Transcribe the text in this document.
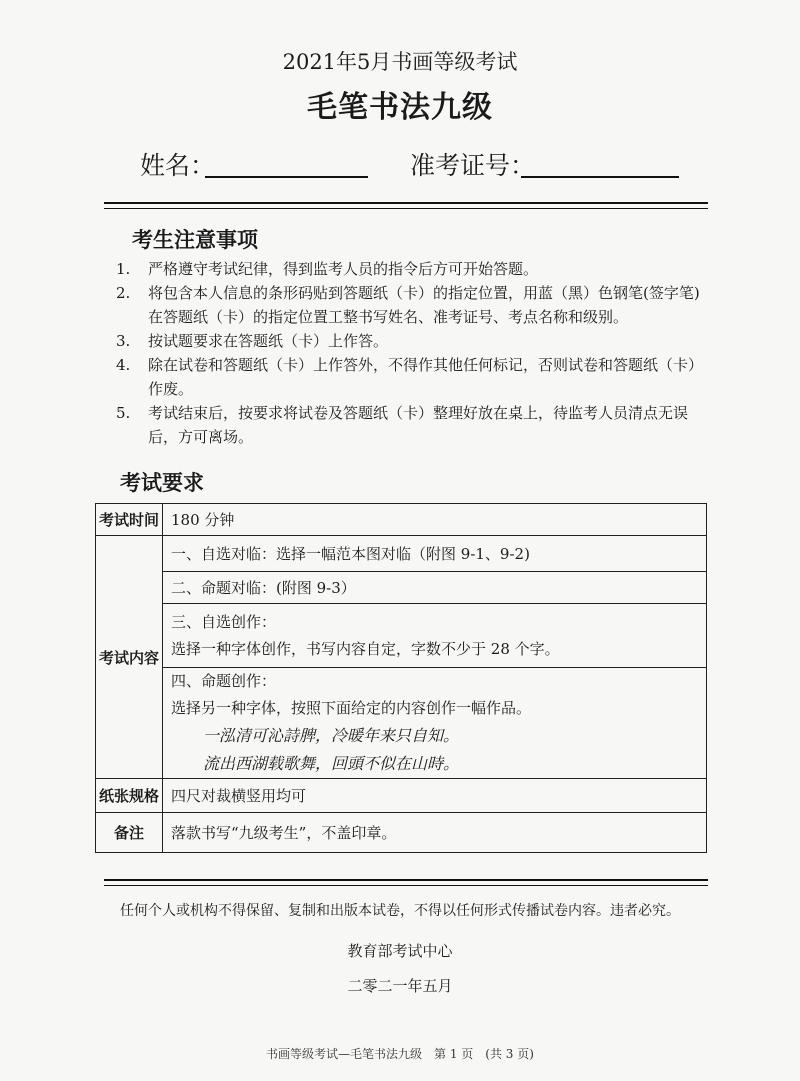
2021年5月书画等级考试
毛笔书法九级
姓名：	准考证号：
考生注意事项
1. 严格遵守考试纪律，得到监考人员的指令后方可开始答题。
2. 将包含本人信息的条形码贴到答题纸（卡）的指定位置，用蓝（黑）色钢笔(签字笔)在答题纸（卡）的指定位置工整书写姓名、准考证号、考点名称和级别。
3. 按试题要求在答题纸（卡）上作答。
4. 除在试卷和答题纸（卡）上作答外，不得作其他任何标记，否则试卷和答题纸（卡）作废。
5. 考试结束后，按要求将试卷及答题纸（卡）整理好放在桌上，待监考人员清点无误后，方可离场。
考试要求
考试时间	180 分钟
考试内容	一、自选对临：选择一幅范本图对临（附图 9-1、9-2)
	二、命题对临：(附图 9-3）

	三、自选创作：
选择一种字体创作，书写内容自定，字数不少于 28 个字。

	四、命题创作：
选择另一种字体，按照下面给定的内容创作一幅作品。
一泓清可沁詩脾，冷暖年来只自知。
流出西湖载歌舞，回頭不似在山時。

纸张规格	四尺对裁横竖用均可
备注	落款书写“九级考生”，不盖印章。
任何个人或机构不得保留、复制和出版本试卷，不得以任何形式传播试卷内容。违者必究。
教育部考试中心
二零二一年五月
书画等级考试—毛笔书法九级　第 1 页　(共 3 页)
